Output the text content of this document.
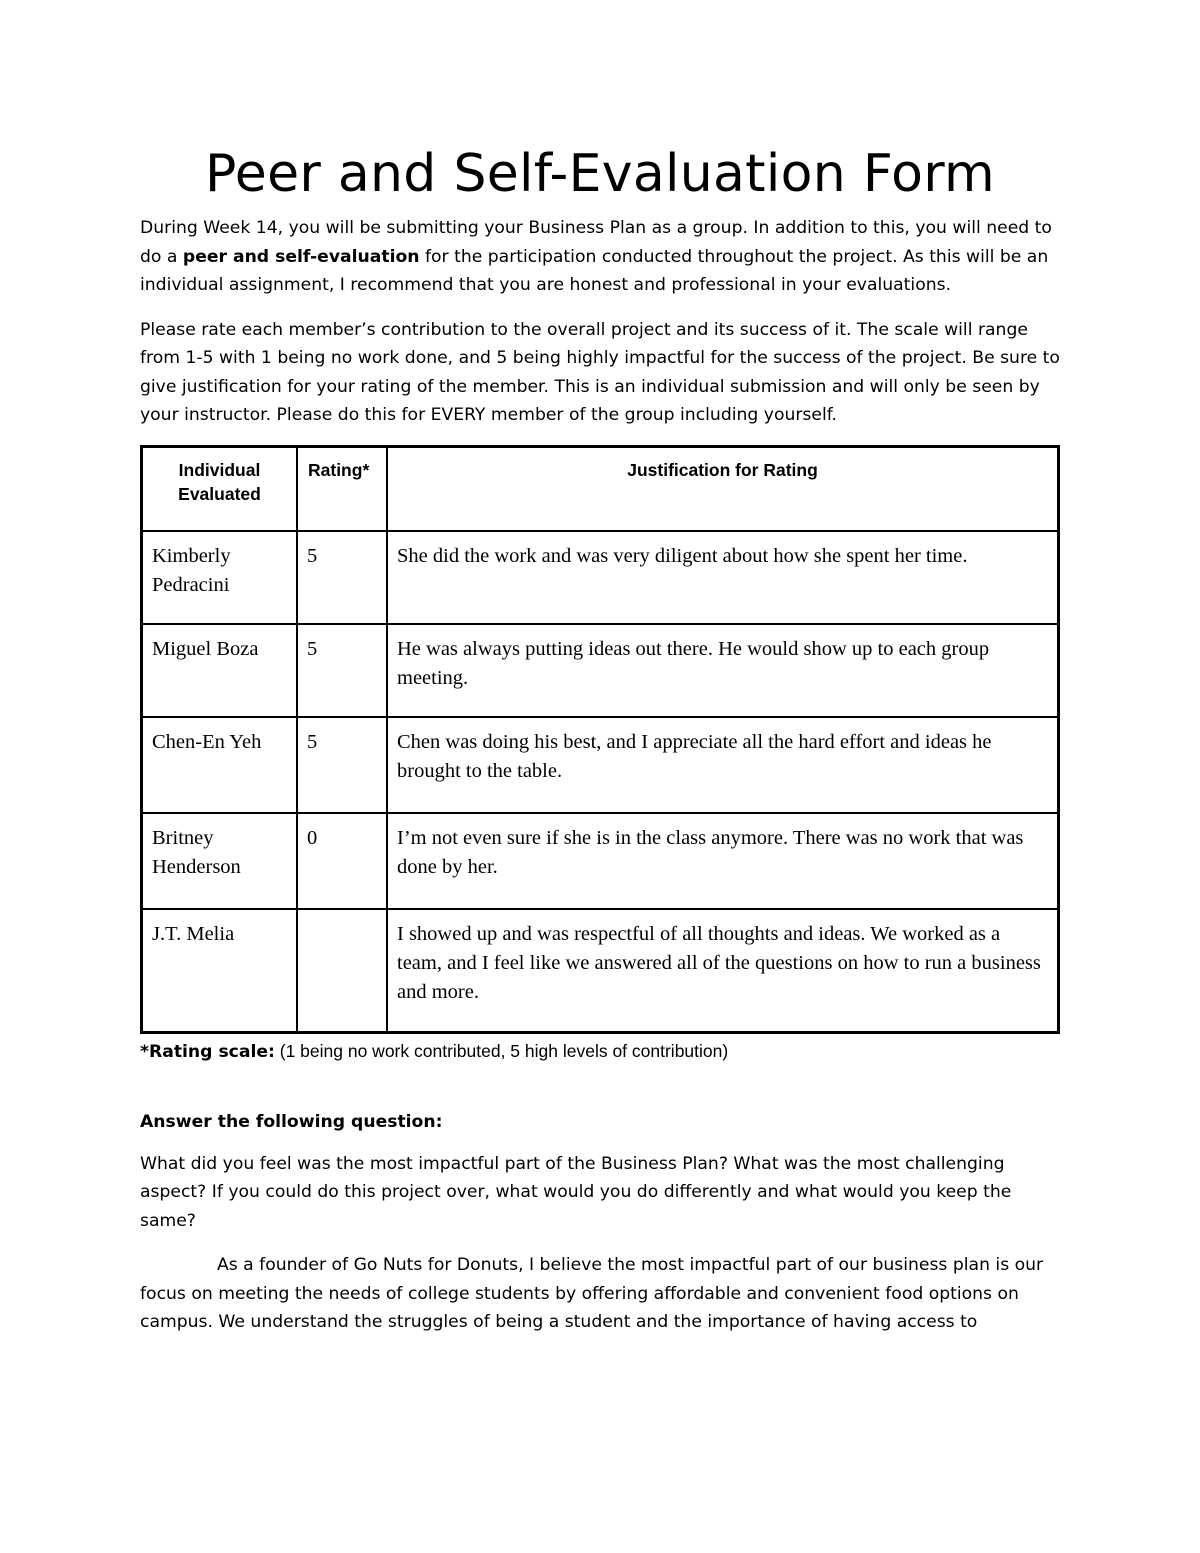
Peer and Self-Evaluation Form

During Week 14, you will be submitting your Business Plan as a group. In addition to this, you will need to do a peer and self-evaluation for the participation conducted throughout the project. As this will be an individual assignment, I recommend that you are honest and professional in your evaluations.

Please rate each member’s contribution to the overall project and its success of it. The scale will range from 1-5 with 1 being no work done, and 5 being highly impactful for the success of the project. Be sure to give justification for your rating of the member. This is an individual submission and will only be seen by your instructor. Please do this for EVERY member of the group including yourself.

Individual Evaluated	Rating*	Justification for Rating
Kimberly Pedracini	5	She did the work and was very diligent about how she spent her time.
Miguel Boza	5	He was always putting ideas out there. He would show up to each group meeting.
Chen-En Yeh	5	Chen was doing his best, and I appreciate all the hard effort and ideas he brought to the table.
Britney Henderson	0	I’m not even sure if she is in the class anymore. There was no work that was done by her.
J.T. Melia		I showed up and was respectful of all thoughts and ideas. We worked as a team, and I feel like we answered all of the questions on how to run a business and more.
*Rating scale: (1 being no work contributed, 5 high levels of contribution)
Answer the following question:

What did you feel was the most impactful part of the Business Plan? What was the most challenging aspect? If you could do this project over, what would you do differently and what would you keep the same?

As a founder of Go Nuts for Donuts, I believe the most impactful part of our business plan is our focus on meeting the needs of college students by offering affordable and convenient food options on campus. We understand the struggles of being a student and the importance of having access to
